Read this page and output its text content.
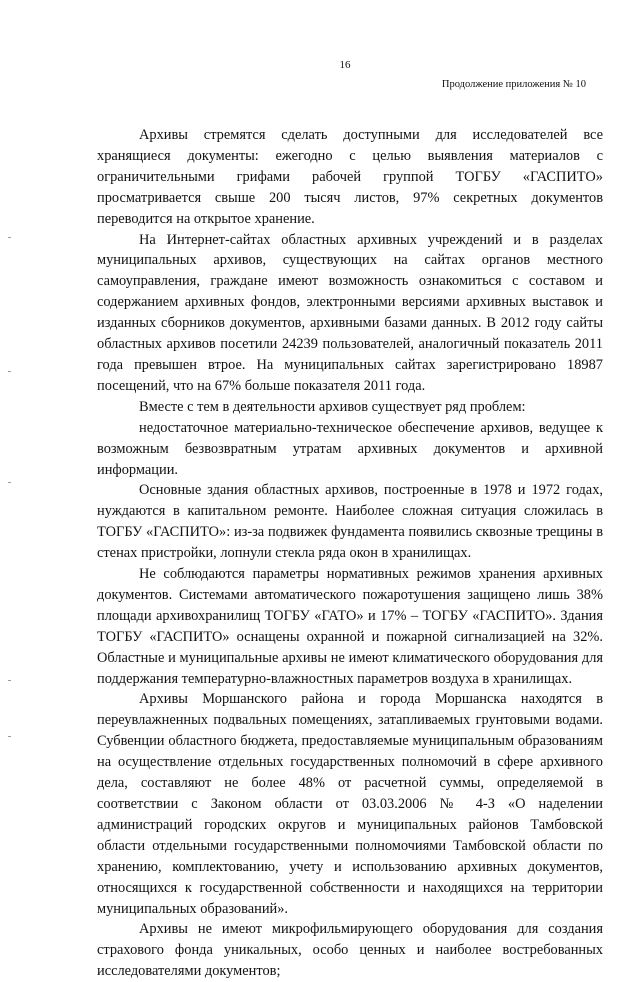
16
Продолжение приложения № 10

Архивы стремятся сделать доступными для исследователей все хранящиеся документы: ежегодно с целью выявления материалов с ограничительными грифами рабочей группой ТОГБУ «ГАСПИТО» просматривается свыше 200 тысяч листов, 97% секретных документов переводится на открытое хранение.

На Интернет-сайтах областных архивных учреждений и в разделах муниципальных архивов, существующих на сайтах органов местного самоуправления, граждане имеют возможность ознакомиться с составом и содержанием архивных фондов, электронными версиями архивных выставок и изданных сборников документов, архивными базами данных. В 2012 году сайты областных архивов посетили 24239 пользователей, аналогичный показатель 2011 года превышен втрое. На муниципальных сайтах зарегистрировано 18987 посещений, что на 67% больше показателя 2011 года.

Вместе с тем в деятельности архивов существует ряд проблем:

недостаточное материально-техническое обеспечение архивов, ведущее к возможным безвозвратным утратам архивных документов и архивной информации.

Основные здания областных архивов, построенные в 1978 и 1972 годах, нуждаются в капитальном ремонте. Наиболее сложная ситуация сложилась в ТОГБУ «ГАСПИТО»: из-за подвижек фундамента появились сквозные трещины в стенах пристройки, лопнули стекла ряда окон в хранилищах.

Не соблюдаются параметры нормативных режимов хранения архивных документов. Системами автоматического пожаротушения защищено лишь 38% площади архивохранилищ ТОГБУ «ГАТО» и 17% – ТОГБУ «ГАСПИТО». Здания ТОГБУ «ГАСПИТО» оснащены охранной и пожарной сигнализацией на 32%. Областные и муниципальные архивы не имеют климатического оборудования для поддержания температурно-влажностных параметров воздуха в хранилищах.

Архивы Моршанского района и города Моршанска находятся в переувлажненных подвальных помещениях, затапливаемых грунтовыми водами. Субвенции областного бюджета, предоставляемые муниципальным образованиям на осуществление отдельных государственных полномочий в сфере архивного дела, составляют не более 48% от расчетной суммы, определяемой в соответствии с Законом области от 03.03.2006 № 4-З «О наделении администраций городских округов и муниципальных районов Тамбовской области отдельными государственными полномочиями Тамбовской области по хранению, комплектованию, учету и использованию архивных документов, относящихся к государственной собственности и находящихся на территории муниципальных образований».

Архивы не имеют микрофильмирующего оборудования для создания страхового фонда уникальных, особо ценных и наиболее востребованных исследователями документов;
